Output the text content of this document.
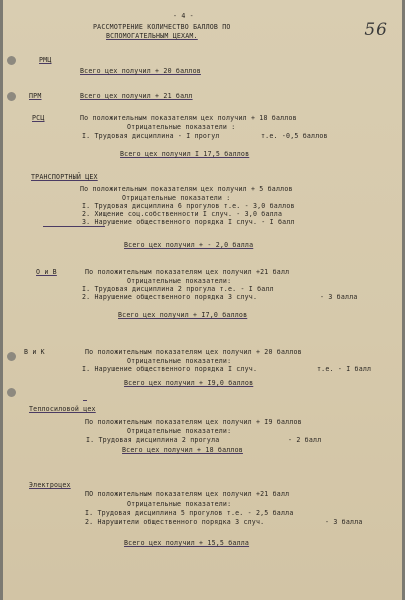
- 4 -
56
РАССМОТРЕНИЕ КОЛИЧЕСТВО БАЛЛОВ ПО
ВСПОМОГАТЕЛЬНЫМ ЦЕХАМ.
РМЦ
Всего цех получил + 20 баллов
ПРМ	Всего цех получил + 21 балл
РСЦ	По положительным показателям цех получил + 18 баллов
Отрицательные показатели :
I. Трудовая дисциплина - I прогул	т.е. -0,5 баллов
Всего цех получил I 17,5 баллов
ТРАНСПОРТНЫЙ ЦЕХ
По положительным показателям цех получил + 5 баллов
Отрицательные показатели :
I. Трудовая дисциплина 6 прогулов т.е. - 3,0 баллов
2. Хищение соц.собственности I случ. - 3,0 балла
3. Нарушение общественного порядка I случ. - I балл
Всего цех получил + - 2,0 балла
О и В	По положительным показателям цех получил +21 балл
Отрицательные показатели:
I. Трудовая дисциплина 2 прогула т.е. - I балл
2. Нарушение общественного порядка 3 случ.	- 3 балла
Всего цех получил + I7,0 баллов
В и К	По положительным показателям цех получил + 20 баллов
Отрицательные показатели:
I. Нарушение общественного порядка I случ.	т.е. - I балл
Всего цех получил + I9,0 баллов
Теплосиловой цех
По положительным показателям цех получил + I9 баллов
Отрицательные показатели:
I. Трудовая дисциплина 2 прогула	- 2 балл
Всего цех получил + 18 баллов
Электроцех
ПО положительным показателям цех получил +21 балл
Отрицательные показатели:
I. Трудовая дисциплина 5 прогулов т.е. - 2,5 балла
2. Нарушители общественного порядка 3 случ.	- 3 балла
Всего цех получил + 15,5 балла
